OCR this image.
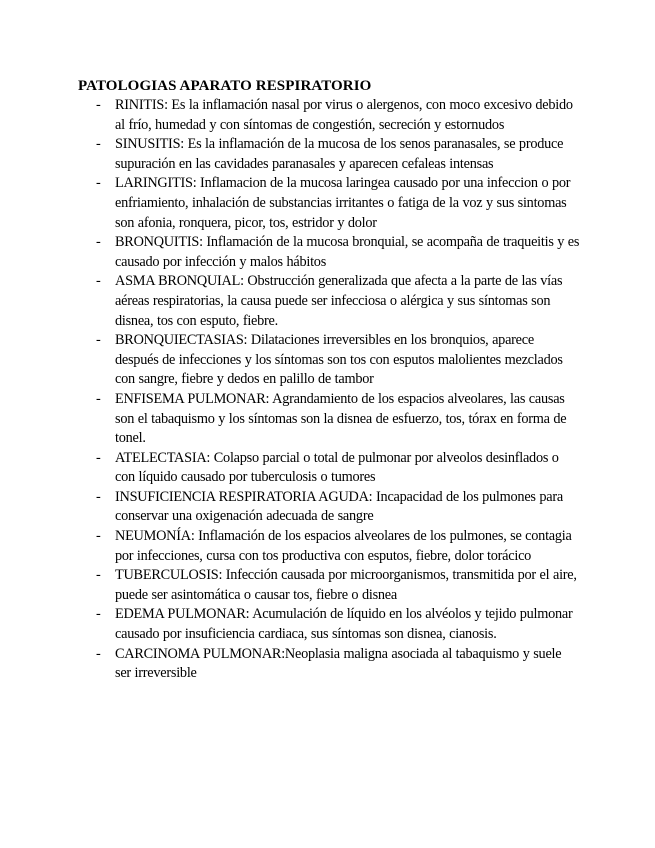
PATOLOGIAS APARATO RESPIRATORIO
-	RINITIS: Es la inflamación nasal por virus o alergenos, con moco excesivo debido al frío, humedad y con síntomas de congestión, secreción y estornudos
-	SINUSITIS: Es la inflamación de la mucosa de los senos paranasales, se produce supuración en las cavidades paranasales y aparecen cefaleas intensas
-	LARINGITIS: Inflamacion de la mucosa laringea causado por una infeccion o por enfriamiento, inhalación de substancias irritantes o fatiga de la voz y sus sintomas son afonia, ronquera, picor, tos, estridor y dolor
-	BRONQUITIS: Inflamación de la mucosa bronquial, se acompaña de traqueitis y es causado por infección y malos hábitos
-	ASMA BRONQUIAL: Obstrucción generalizada que afecta a la parte de las vías aéreas respiratorias, la causa puede ser infecciosa o alérgica y sus síntomas son disnea, tos con esputo, fiebre.
-	BRONQUIECTASIAS: Dilataciones irreversibles en los bronquios, aparece después de infecciones y los síntomas son tos con esputos malolientes mezclados con sangre, fiebre y dedos en palillo de tambor
-	ENFISEMA PULMONAR: Agrandamiento de los espacios alveolares, las causas son el tabaquismo y los síntomas son la disnea de esfuerzo, tos, tórax en forma de tonel.
-	ATELECTASIA: Colapso parcial o total de pulmonar por alveolos desinflados o con líquido causado por tuberculosis o tumores
-	INSUFICIENCIA RESPIRATORIA AGUDA: Incapacidad de los pulmones para conservar una oxigenación adecuada de sangre
-	NEUMONÍA: Inflamación de los espacios alveolares de los pulmones, se contagia por infecciones, cursa con tos productiva con esputos, fiebre, dolor torácico
-	TUBERCULOSIS: Infección causada por microorganismos, transmitida por el aire, puede ser asintomática o causar tos, fiebre o disnea
-	EDEMA PULMONAR: Acumulación de líquido en los alvéolos y tejido pulmonar causado por insuficiencia cardiaca, sus síntomas son disnea, cianosis.
-	CARCINOMA PULMONAR:Neoplasia maligna asociada al tabaquismo y suele ser irreversible
